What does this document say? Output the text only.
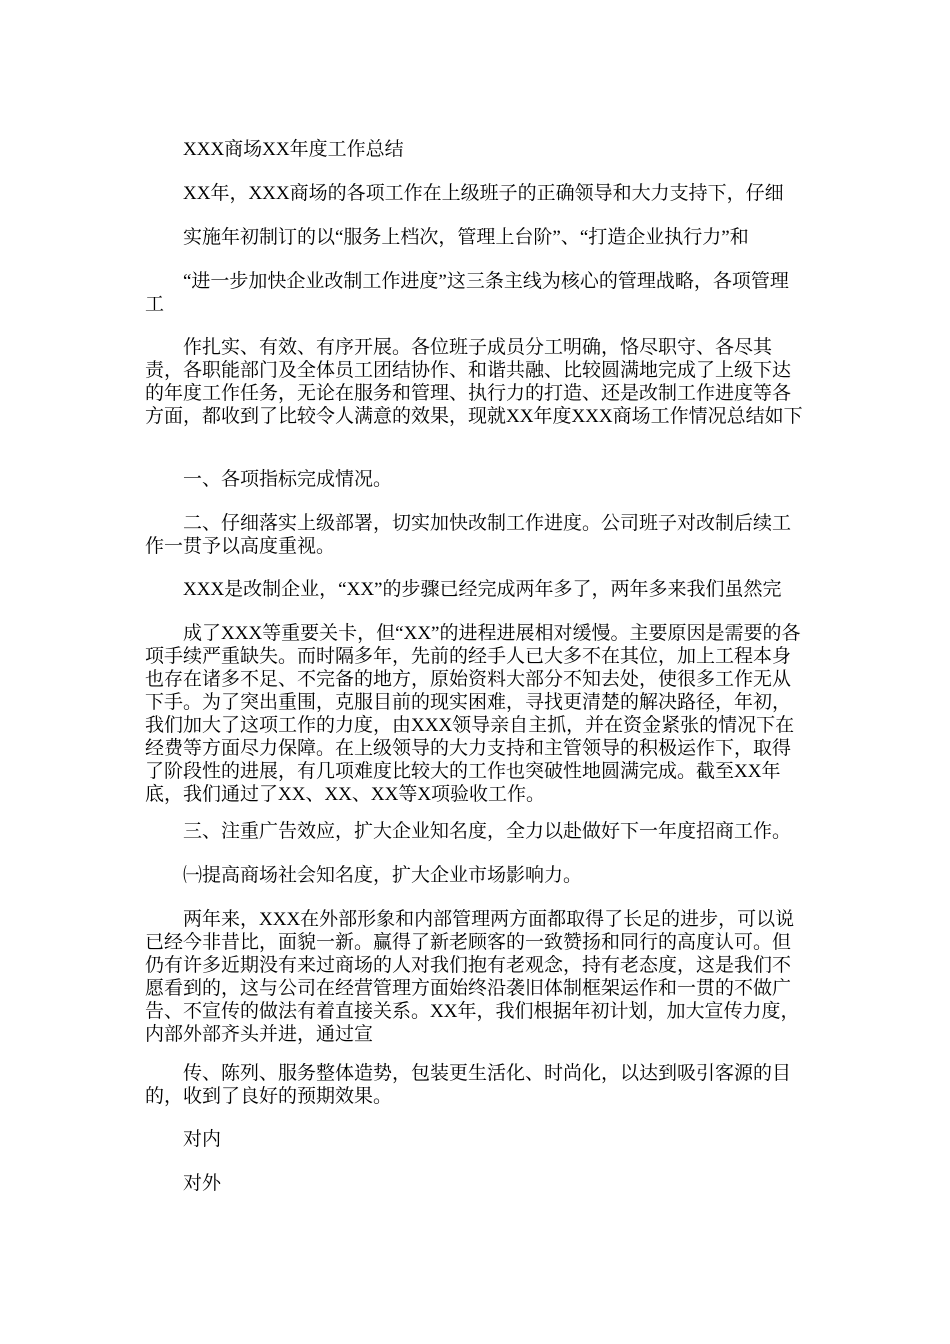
XXX商场XX年度工作总结

XX年，XXX商场的各项工作在上级班子的正确领导和大力支持下，仔细

实施年初制订的以“服务上档次，管理上台阶”、“打造企业执行力”和

“进一步加快企业改制工作进度”这三条主线为核心的管理战略，各项管理工

作扎实、有效、有序开展。各位班子成员分工明确，恪尽职守、各尽其责，各职能部门及全体员工团结协作、和谐共融、比较圆满地完成了上级下达的年度工作任务，无论在服务和管理、执行力的打造、还是改制工作进度等各方面，都收到了比较令人满意的效果，现就XX年度XXX商场工作情况总结如下

一、各项指标完成情况。

二、仔细落实上级部署，切实加快改制工作进度。公司班子对改制后续工作一贯予以高度重视。

XXX是改制企业，“XX”的步骤已经完成两年多了，两年多来我们虽然完

成了XXX等重要关卡，但“XX”的进程进展相对缓慢。主要原因是需要的各项手续严重缺失。而时隔多年，先前的经手人已大多不在其位，加上工程本身也存在诸多不足、不完备的地方，原始资料大部分不知去处，使很多工作无从下手。为了突出重围，克服目前的现实困难，寻找更清楚的解决路径，年初，我们加大了这项工作的力度，由XXX领导亲自主抓，并在资金紧张的情况下在经费等方面尽力保障。在上级领导的大力支持和主管领导的积极运作下，取得了阶段性的进展，有几项难度比较大的工作也突破性地圆满完成。截至XX年底，我们通过了XX、XX、XX等X项验收工作。

三、注重广告效应，扩大企业知名度，全力以赴做好下一年度招商工作。

㈠提高商场社会知名度，扩大企业市场影响力。

两年来，XXX在外部形象和内部管理两方面都取得了长足的进步，可以说已经今非昔比，面貌一新。赢得了新老顾客的一致赞扬和同行的高度认可。但仍有许多近期没有来过商场的人对我们抱有老观念，持有老态度，这是我们不愿看到的，这与公司在经营管理方面始终沿袭旧体制框架运作和一贯的不做广告、不宣传的做法有着直接关系。XX年，我们根据年初计划，加大宣传力度，内部外部齐头并进，通过宣

传、陈列、服务整体造势，包装更生活化、时尚化，以达到吸引客源的目的，收到了良好的预期效果。

对内

对外
